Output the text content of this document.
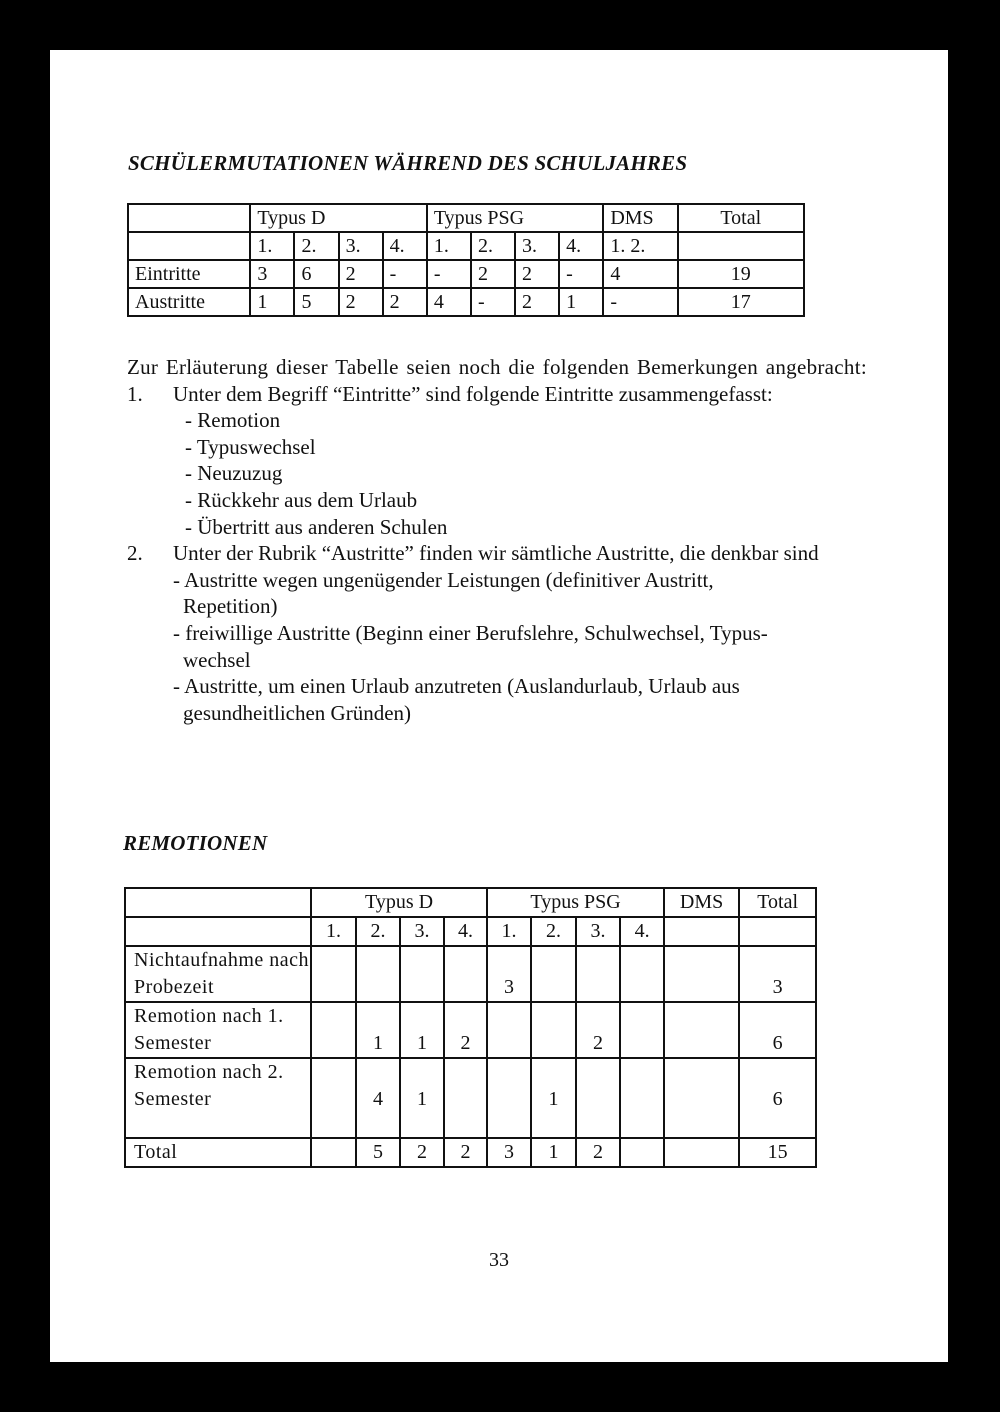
SCHÜLERMUTATIONEN WÄHREND DES SCHULJAHRES
	Typus D				Typus PSG				DMS	Total
	1.	2.	3.	4.	1.	2.	3.	4.	1. 2.	
Eintritte	3	6	2	-	-	2	2	-	4	19
Austritte	1	5	2	2	4	-	2	1	-	17

Zur Erläuterung dieser Tabelle seien noch die folgenden Bemerkungen angebracht:

1.	Unter dem Begriff “Eintritte” sind folgende Eintritte zusammengefasst:

- Remotion

- Typuswechsel

- Neuzuzug

- Rückkehr aus dem Urlaub

- Übertritt aus anderen Schulen

2.	Unter der Rubrik “Austritte” finden wir sämtliche Austritte, die denkbar sind

- Austritte wegen ungenügender Leistungen (definitiver Austritt, Repetition)

- freiwillige Austritte (Beginn einer Berufslehre, Schulwechsel, Typus-wechsel

- Austritte, um einen Urlaub anzutreten (Auslandurlaub, Urlaub aus gesundheitlichen Gründen)

REMOTIONEN
	Typus D				Typus PSG				DMS	Total
	1.	2.	3.	4.	1.	2.	3.	4.		
Nichtaufnahme nach Probezeit					3					3
Remotion nach 1. Semester		1	1	2			2			6
Remotion nach 2. Semester		4	1			1				6
Total		5	2	2	3	1	2			15
33
